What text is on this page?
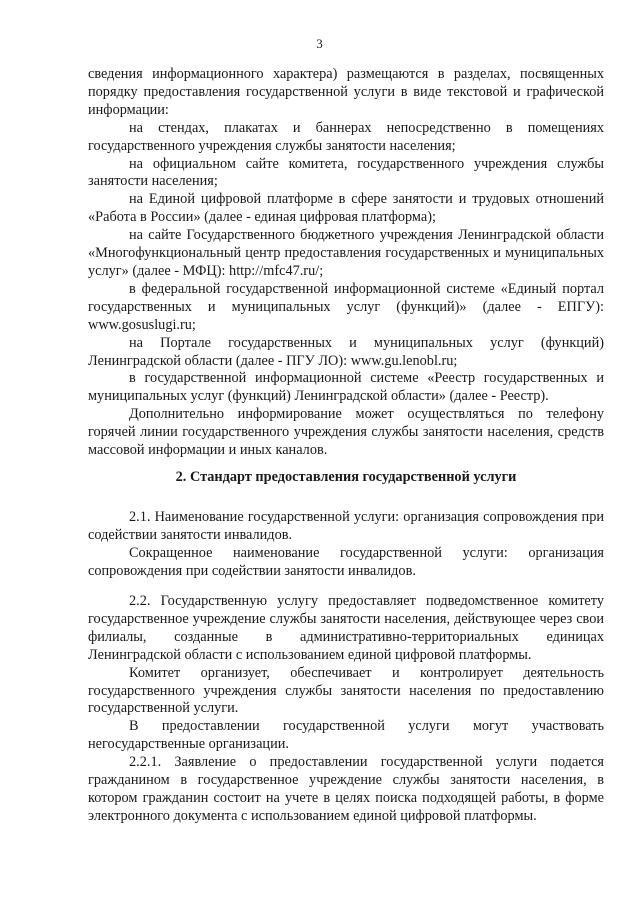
3

сведения информационного характера) размещаются в разделах, посвященных порядку предоставления государственной услуги в виде текстовой и графической информации:

на стендах, плакатах и баннерах непосредственно в помещениях государственного учреждения службы занятости населения;

на официальном сайте комитета, государственного учреждения службы занятости населения;

на Единой цифровой платформе в сфере занятости и трудовых отношений «Работа в России» (далее - единая цифровая платформа);

на сайте Государственного бюджетного учреждения Ленинградской области «Многофункциональный центр предоставления государственных и муниципальных услуг» (далее - МФЦ): http://mfc47.ru/;

в федеральной государственной информационной системе «Единый портал государственных и муниципальных услуг (функций)» (далее - ЕПГУ): www.gosuslugi.ru;

на Портале государственных и муниципальных услуг (функций) Ленинградской области (далее - ПГУ ЛО): www.gu.lenobl.ru;

в государственной информационной системе «Реестр государственных и муниципальных услуг (функций) Ленинградской области» (далее - Реестр).

Дополнительно информирование может осуществляться по телефону горячей линии государственного учреждения службы занятости населения, средств массовой информации и иных каналов.

2. Стандарт предоставления государственной услуги

2.1. Наименование государственной услуги: организация сопровождения при содействии занятости инвалидов.

Сокращенное наименование государственной услуги: организация сопровождения при содействии занятости инвалидов.

2.2. Государственную услугу предоставляет подведомственное комитету государственное учреждение службы занятости населения, действующее через свои филиалы, созданные в административно-территориальных единицах Ленинградской области с использованием единой цифровой платформы.

Комитет организует, обеспечивает и контролирует деятельность государственного учреждения службы занятости населения по предоставлению государственной услуги.

В предоставлении государственной услуги могут участвовать негосударственные организации.

2.2.1. Заявление о предоставлении государственной услуги подается гражданином в государственное учреждение службы занятости населения, в котором гражданин состоит на учете в целях поиска подходящей работы, в форме электронного документа с использованием единой цифровой платформы.
